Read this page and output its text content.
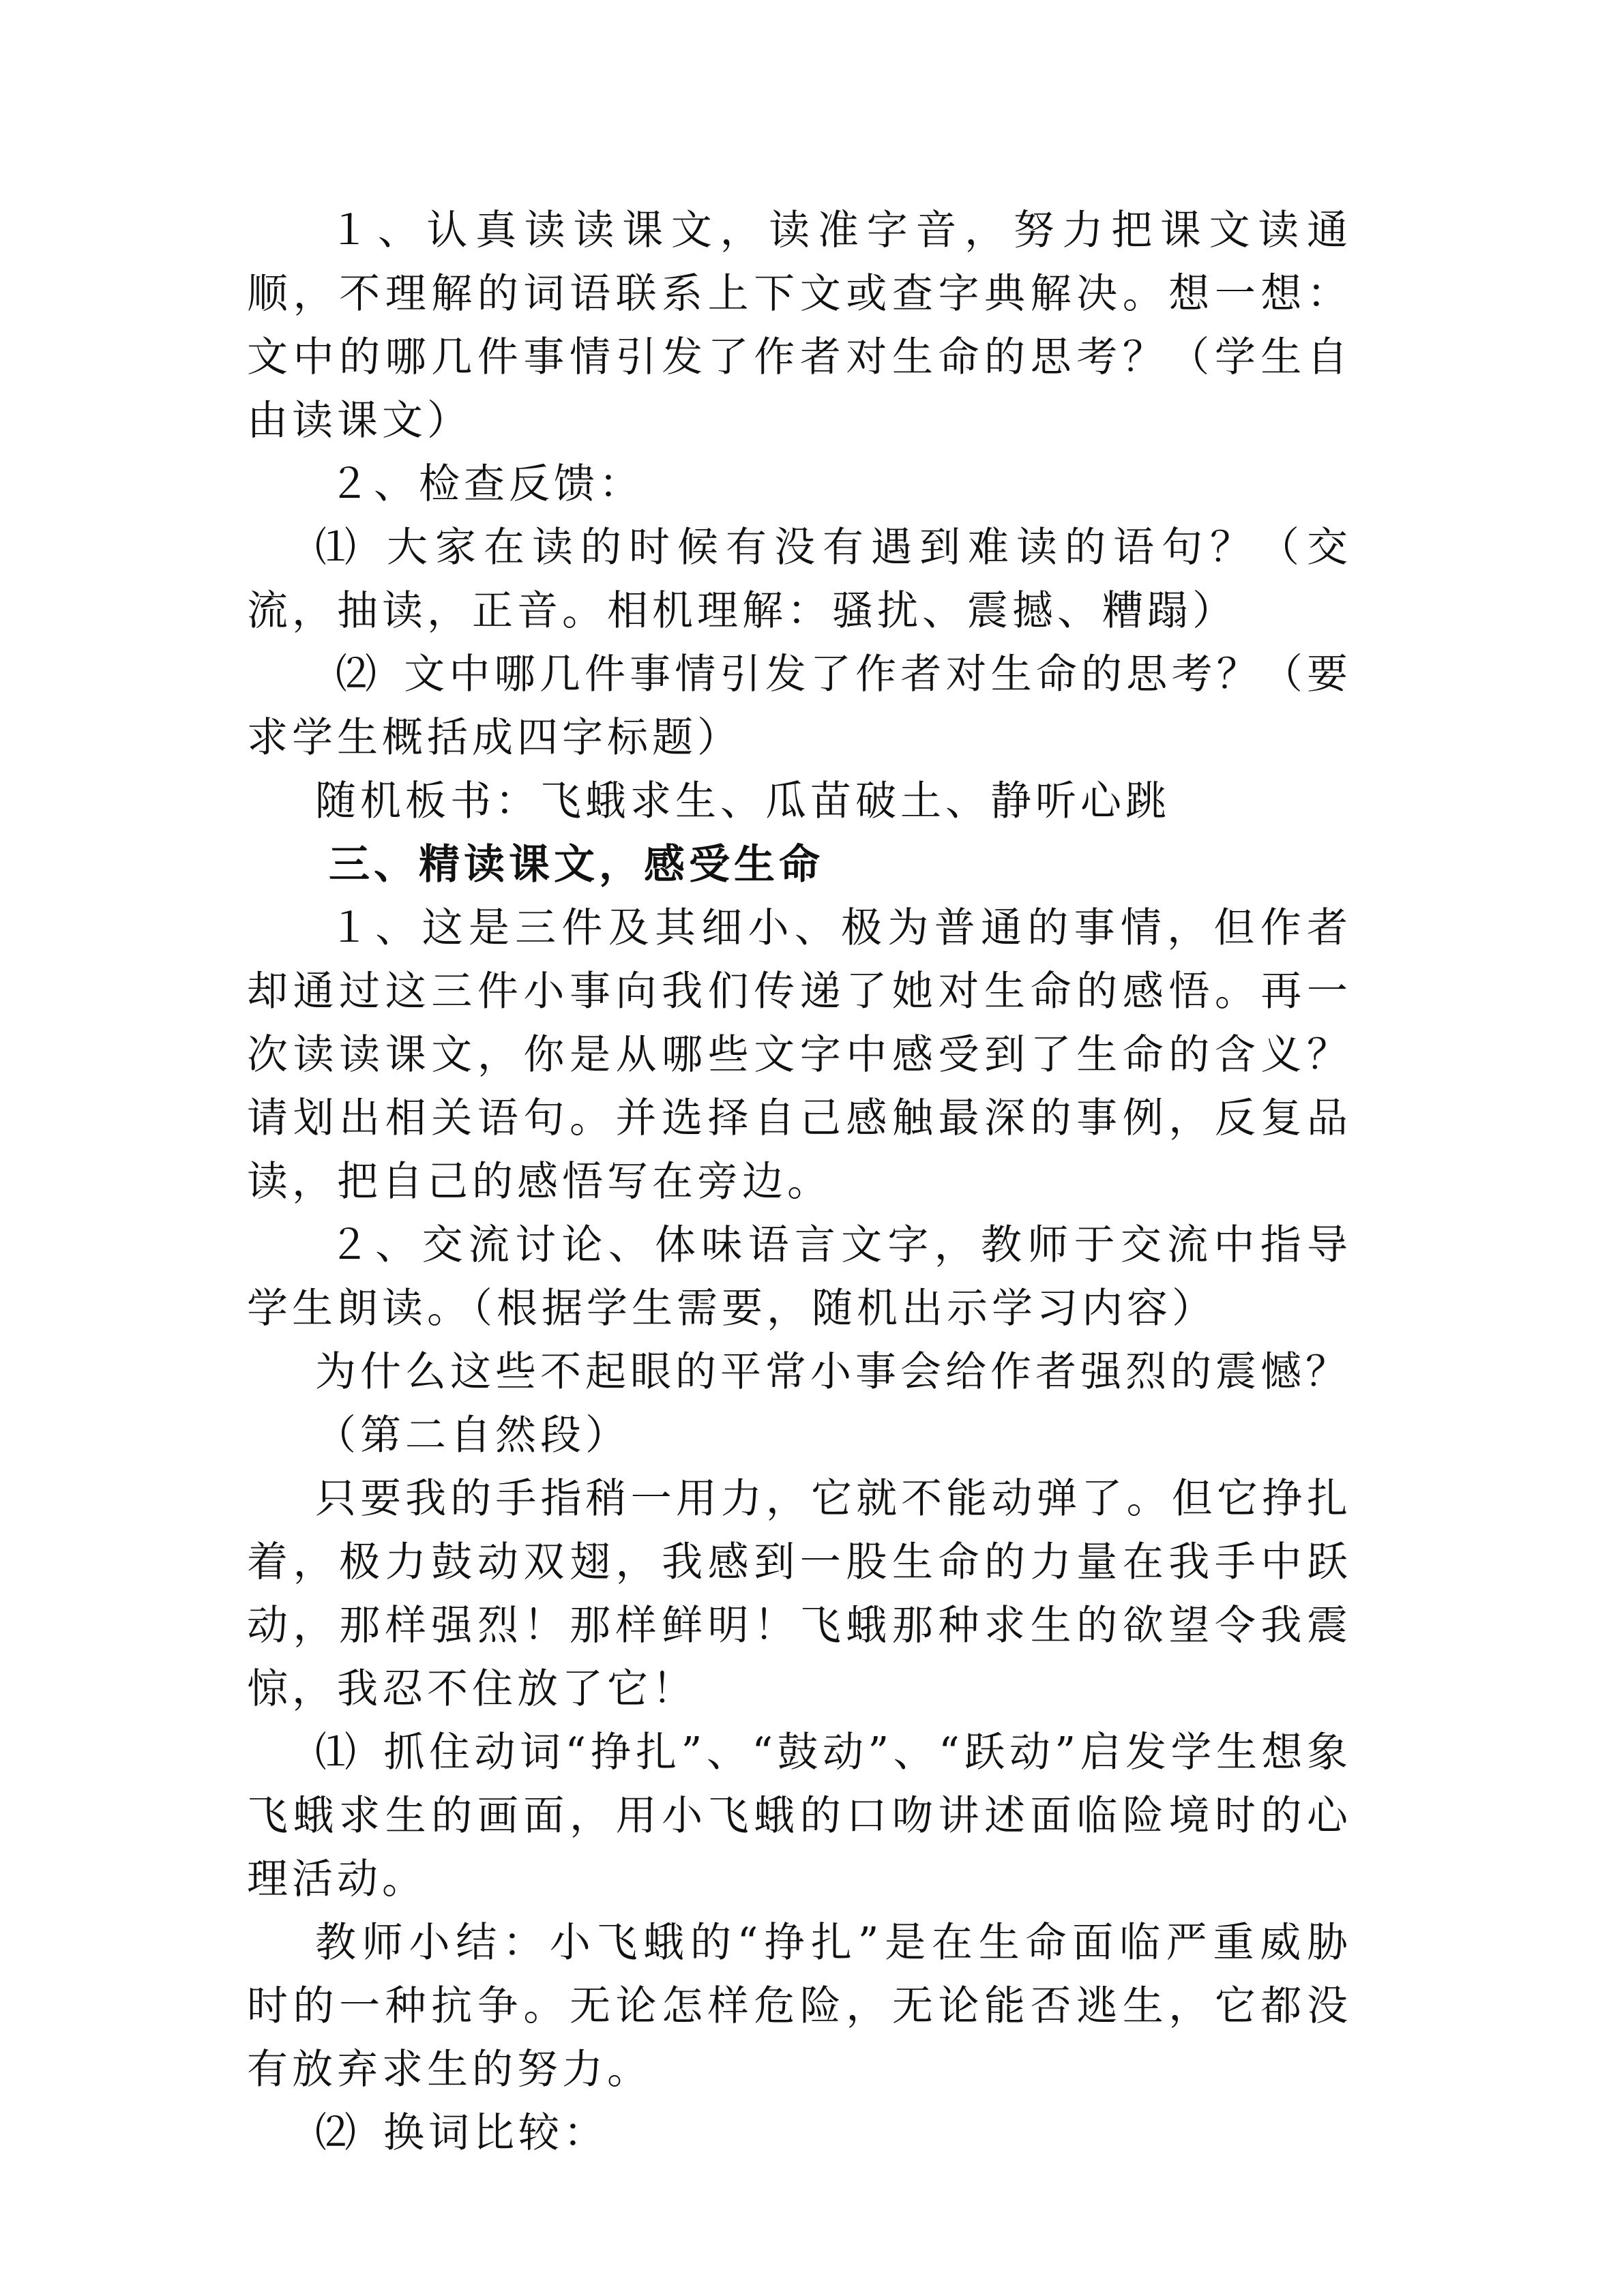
１、认真读读课文，读准字音，努力把课文读通顺，不理解的词语联系上下文或查字典解决。想一想：文中的哪几件事情引发了作者对生命的思考？（学生自由读课文）

２、检查反馈：

⑴ 大家在读的时候有没有遇到难读的语句？（交流，抽读，正音。相机理解：骚扰、震撼、糟蹋）

⑵ 文中哪几件事情引发了作者对生命的思考？（要求学生概括成四字标题）

随机板书：飞蛾求生、瓜苗破土、静听心跳

三、精读课文，感受生命

１、这是三件及其细小、极为普通的事情，但作者却通过这三件小事向我们传递了她对生命的感悟。再一次读读课文，你是从哪些文字中感受到了生命的含义？请划出相关语句。并选择自己感触最深的事例，反复品读，把自己的感悟写在旁边。

２、交流讨论、体味语言文字，教师于交流中指导学生朗读。（根据学生需要，随机出示学习内容）

为什么这些不起眼的平常小事会给作者强烈的震憾？

（第二自然段）

只要我的手指稍一用力，它就不能动弹了。但它挣扎着，极力鼓动双翅，我感到一股生命的力量在我手中跃动，那样强烈！那样鲜明！飞蛾那种求生的欲望令我震惊，我忍不住放了它！

⑴ 抓住动词“挣扎”、“鼓动”、“跃动”启发学生想象飞蛾求生的画面，用小飞蛾的口吻讲述面临险境时的心理活动。

教师小结：小飞蛾的“挣扎”是在生命面临严重威胁时的一种抗争。无论怎样危险，无论能否逃生，它都没有放弃求生的努力。

⑵ 换词比较：
